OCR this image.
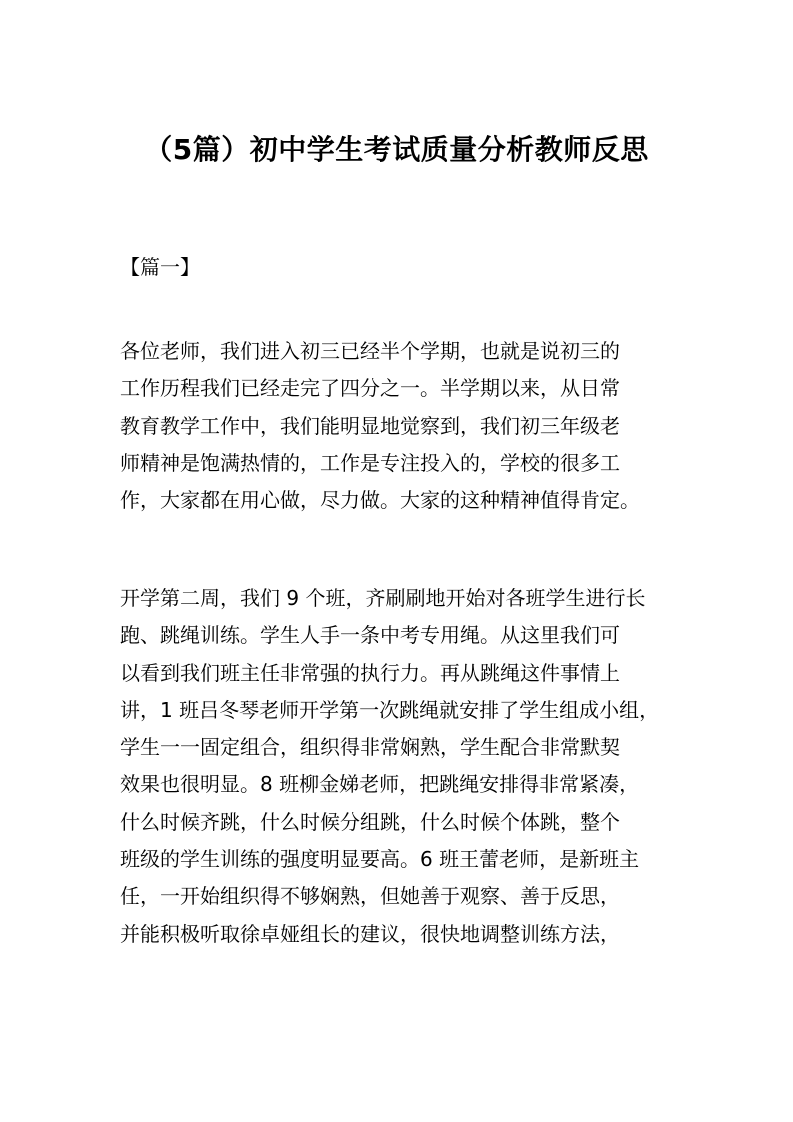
（5篇）初中学生考试质量分析教师反思

【篇一】

各位老师，我们进入初三已经半个学期，也就是说初三的
工作历程我们已经走完了四分之一。半学期以来，从日常
教育教学工作中，我们能明显地觉察到，我们初三年级老
师精神是饱满热情的，工作是专注投入的，学校的很多工
作，大家都在用心做，尽力做。大家的这种精神值得肯定。
开学第二周，我们 9 个班，齐刷刷地开始对各班学生进行长
跑、跳绳训练。学生人手一条中考专用绳。从这里我们可
以看到我们班主任非常强的执行力。再从跳绳这件事情上
讲，1 班吕冬琴老师开学第一次跳绳就安排了学生组成小组，
学生一一固定组合，组织得非常娴熟，学生配合非常默契
效果也很明显。8 班柳金娣老师，把跳绳安排得非常紧凑，
什么时候齐跳，什么时候分组跳，什么时候个体跳，整个
班级的学生训练的强度明显要高。6 班王蕾老师，是新班主
任，一开始组织得不够娴熟，但她善于观察、善于反思，
并能积极听取徐卓娅组长的建议，很快地调整训练方法，
